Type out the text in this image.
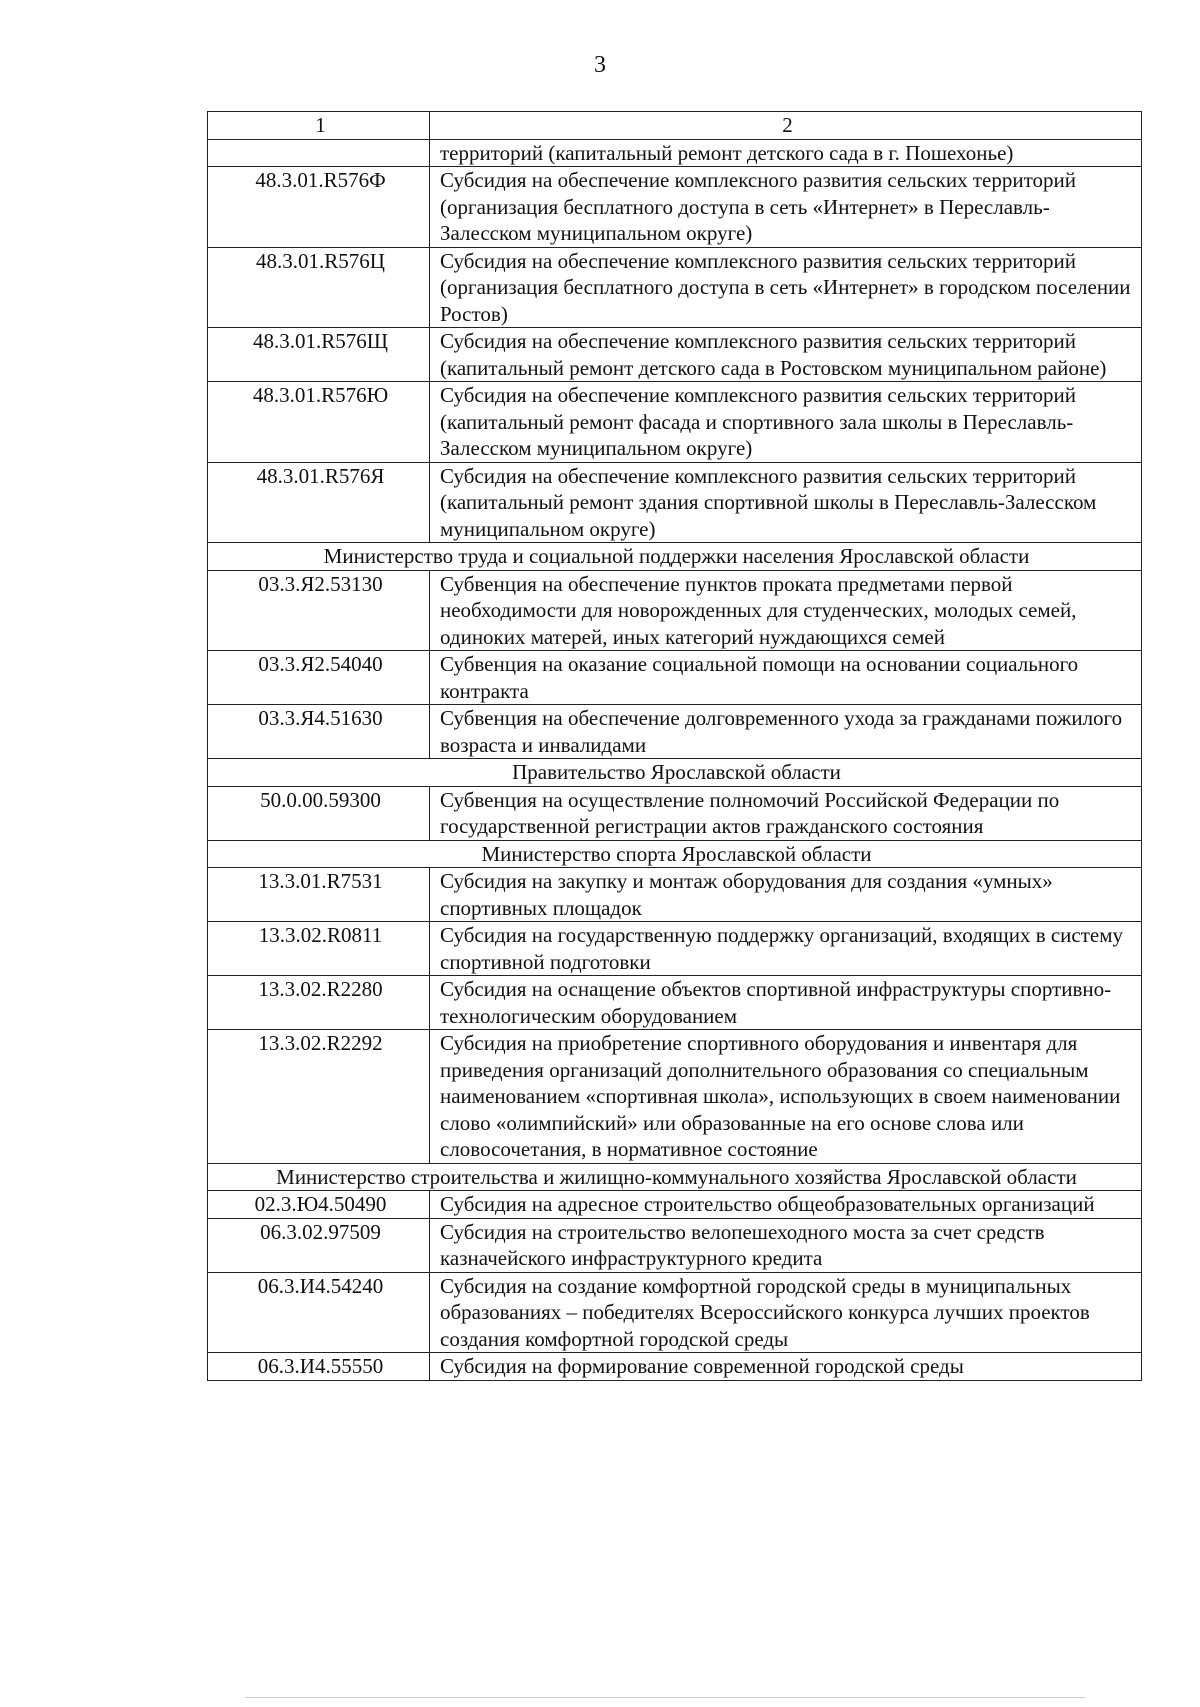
3
1	2
	территорий (капитальный ремонт детского сада в г. Пошехонье)
48.3.01.R576Ф	Субсидия на обеспечение комплексного развития сельских территорий (организация бесплатного доступа в сеть «Интернет» в Переславль-Залесском муниципальном округе)
48.3.01.R576Ц	Субсидия на обеспечение комплексного развития сельских территорий (организация бесплатного доступа в сеть «Интернет» в городском поселении Ростов)
48.3.01.R576Щ	Субсидия на обеспечение комплексного развития сельских территорий (капитальный ремонт детского сада в Ростовском муниципальном районе)
48.3.01.R576Ю	Субсидия на обеспечение комплексного развития сельских территорий (капитальный ремонт фасада и спортивного зала школы в Переславль-Залесском муниципальном округе)
48.3.01.R576Я	Субсидия на обеспечение комплексного развития сельских территорий (капитальный ремонт здания спортивной школы в Переславль-Залесском муниципальном округе)
Министерство труда и социальной поддержки населения Ярославской области	
03.3.Я2.53130	Субвенция на обеспечение пунктов проката предметами первой необходимости для новорожденных для студенческих, молодых семей, одиноких матерей, иных категорий нуждающихся семей
03.3.Я2.54040	Субвенция на оказание социальной помощи на основании социального контракта
03.3.Я4.51630	Субвенция на обеспечение долговременного ухода за гражданами пожилого возраста и инвалидами
Правительство Ярославской области	
50.0.00.59300	Субвенция на осуществление полномочий Российской Федерации по государственной регистрации актов гражданского состояния
Министерство спорта Ярославской области	
13.3.01.R7531	Субсидия на закупку и монтаж оборудования для создания «умных» спортивных площадок
13.3.02.R0811	Субсидия на государственную поддержку организаций, входящих в систему спортивной подготовки
13.3.02.R2280	Субсидия на оснащение объектов спортивной инфраструктуры спортивно-технологическим оборудованием
13.3.02.R2292	Субсидия на приобретение спортивного оборудования и инвентаря для приведения организаций дополнительного образования со специальным наименованием «спортивная школа», использующих в своем наименовании слово «олимпийский» или образованные на его основе слова или словосочетания, в нормативное состояние
Министерство строительства и жилищно-коммунального хозяйства Ярославской области	
02.3.Ю4.50490	Субсидия на адресное строительство общеобразовательных организаций
06.3.02.97509	Субсидия на строительство велопешеходного моста за счет средств казначейского инфраструктурного кредита
06.3.И4.54240	Субсидия на создание комфортной городской среды в муниципальных образованиях – победителях Всероссийского конкурса лучших проектов создания комфортной городской среды
06.3.И4.55550	Субсидия на формирование современной городской среды
